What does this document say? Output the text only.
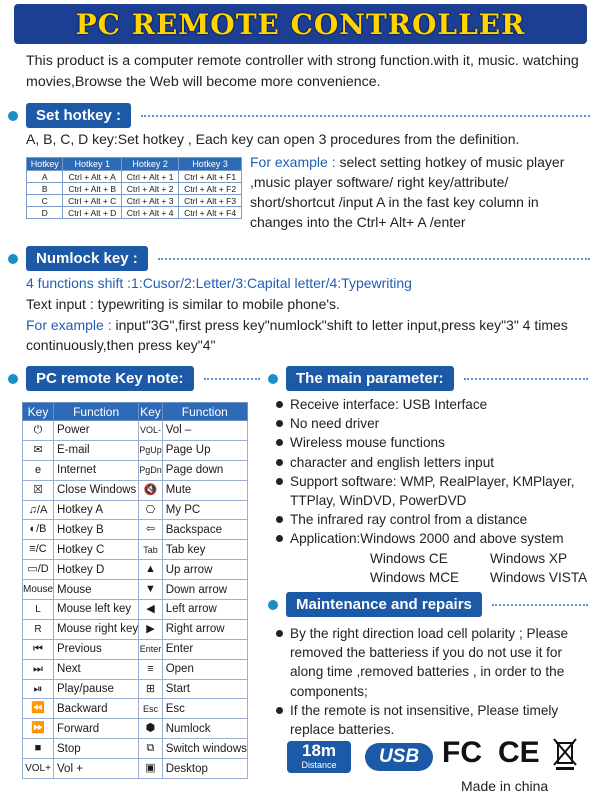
PC REMOTE CONTROLLER

This product is a computer remote controller with strong function.with it, music. watching movies,Browse the Web will become more convenience.

Set hotkey :

A, B, C, D key:Set hotkey , Each key can open 3 procedures from the definition.

Hotkey	Hotkey 1	Hotkey 2	Hotkey 3
A	Ctrl + Alt + A	Ctrl + Alt + 1	Ctrl + Alt + F1
B	Ctrl + Alt + B	Ctrl + Alt + 2	Ctrl + Alt + F2
C	Ctrl + Alt + C	Ctrl + Alt + 3	Ctrl + Alt + F3
D	Ctrl + Alt + D	Ctrl + Alt + 4	Ctrl + Alt + F4

For example : select setting hotkey of music player ,music player software/ right key/attribute/ short/shortcut /input A in the fast key column in changes into the Ctrl+ Alt+ A /enter

Numlock key :

4 functions shift :1:Cusor/2:Letter/3:Capital letter/4:Typewriting

Text input : typewriting is similar to mobile phone's.

For example : input"3G",first press key"numlock"shift to letter input,press key"3" 4 times continuously,then press key"4"

PC remote Key note:
Key	Function	Key	Function
⏻	Power	VOL-	Vol –
✉	E-mail	PgUp	Page Up
e	Internet	PgDn	Page down
☒	Close Windows	🔇	Mute
♫/A	Hotkey A	⎔	My PC
◐/B	Hotkey B	⇦	Backspace
≡/C	Hotkey C	Tab	Tab key
▭/D	Hotkey D	▲	Up arrow
Mouse	Mouse	▼	Down arrow
L	Mouse left key	◀	Left arrow
R	Mouse right key	▶	Right arrow
⏮	Previous	Enter	Enter
⏭	Next	≡	Open
⏯	Play/pause	⊞	Start
⏪	Backward	Esc	Esc
⏩	Forward	⬢	Numlock
■	Stop	⧉	Switch windows
VOL+	Vol +	▣	Desktop
The main parameter:
Receive interface: USB Interface
No need driver
Wireless mouse functions
character and english letters input
Support software: WMP, RealPlayer, KMPlayer, TTPlay, WinDVD, PowerDVD
The infrared ray control from a distance
Application:Windows 2000 and above system
Windows CE	Windows XP
Windows MCE	Windows VISTA
Maintenance and repairs
By the right direction load cell polarity ; Please removed the batteriess if you do not use it for along time ,removed batteries , in order to the components;
If the remote is not insensitive, Please timely replace batteries.
18m
Distance	USB FC CE
Made in china
